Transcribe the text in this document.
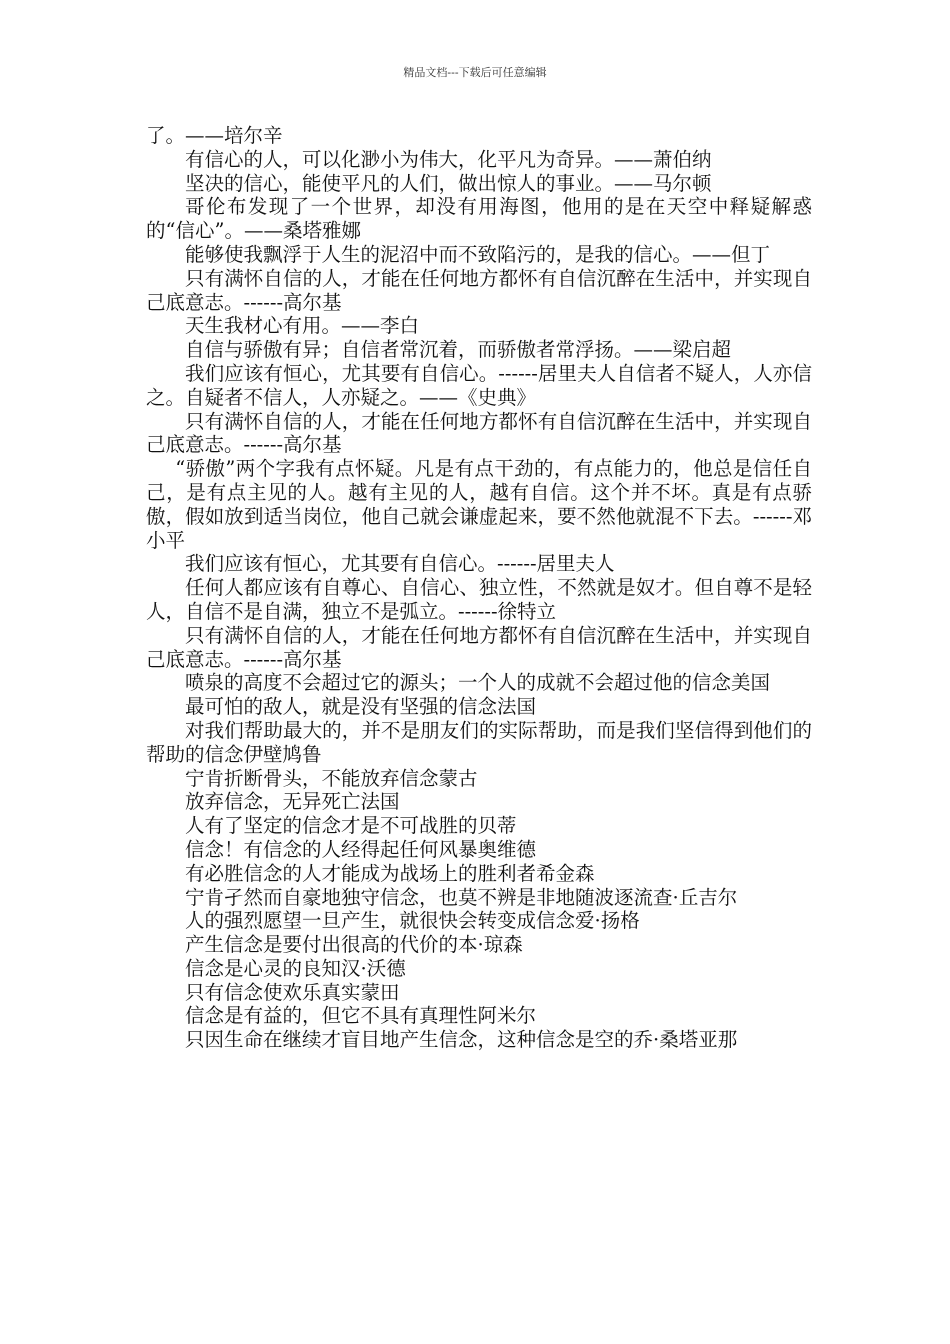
精品文档---下载后可任意编辑

了。——培尔辛

有信心的人，可以化渺小为伟大，化平凡为奇异。——萧伯纳

坚决的信心，能使平凡的人们，做出惊人的事业。——马尔顿

哥伦布发现了一个世界，却没有用海图，他用的是在天空中释疑解惑的“信心”。——桑塔雅娜

能够使我飘浮于人生的泥沼中而不致陷污的，是我的信心。——但丁

只有满怀自信的人，才能在任何地方都怀有自信沉醉在生活中，并实现自己底意志。------高尔基

天生我材心有用。——李白

自信与骄傲有异；自信者常沉着，而骄傲者常浮扬。——梁启超

我们应该有恒心，尤其要有自信心。------居里夫人自信者不疑人，人亦信之。自疑者不信人，人亦疑之。——《史典》

只有满怀自信的人，才能在任何地方都怀有自信沉醉在生活中，并实现自己底意志。------高尔基

“骄傲”两个字我有点怀疑。凡是有点干劲的，有点能力的，他总是信任自己，是有点主见的人。越有主见的人，越有自信。这个并不坏。真是有点骄傲，假如放到适当岗位，他自己就会谦虚起来，要不然他就混不下去。------邓小平

我们应该有恒心，尤其要有自信心。------居里夫人

任何人都应该有自尊心、自信心、独立性，不然就是奴才。但自尊不是轻人，自信不是自满，独立不是弧立。------徐特立

只有满怀自信的人，才能在任何地方都怀有自信沉醉在生活中，并实现自己底意志。------高尔基

喷泉的高度不会超过它的源头；一个人的成就不会超过他的信念美国

最可怕的敌人，就是没有坚强的信念法国

对我们帮助最大的，并不是朋友们的实际帮助，而是我们坚信得到他们的帮助的信念伊壁鸠鲁

宁肯折断骨头，不能放弃信念蒙古

放弃信念，无异死亡法国

人有了坚定的信念才是不可战胜的贝蒂

信念！有信念的人经得起任何风暴奥维德

有必胜信念的人才能成为战场上的胜利者希金森

宁肯孑然而自豪地独守信念，也莫不辨是非地随波逐流查·丘吉尔

人的强烈愿望一旦产生，就很快会转变成信念爱·扬格

产生信念是要付出很高的代价的本·琼森

信念是心灵的良知汉·沃德

只有信念使欢乐真实蒙田

信念是有益的，但它不具有真理性阿米尔

只因生命在继续才盲目地产生信念，这种信念是空的乔·桑塔亚那
